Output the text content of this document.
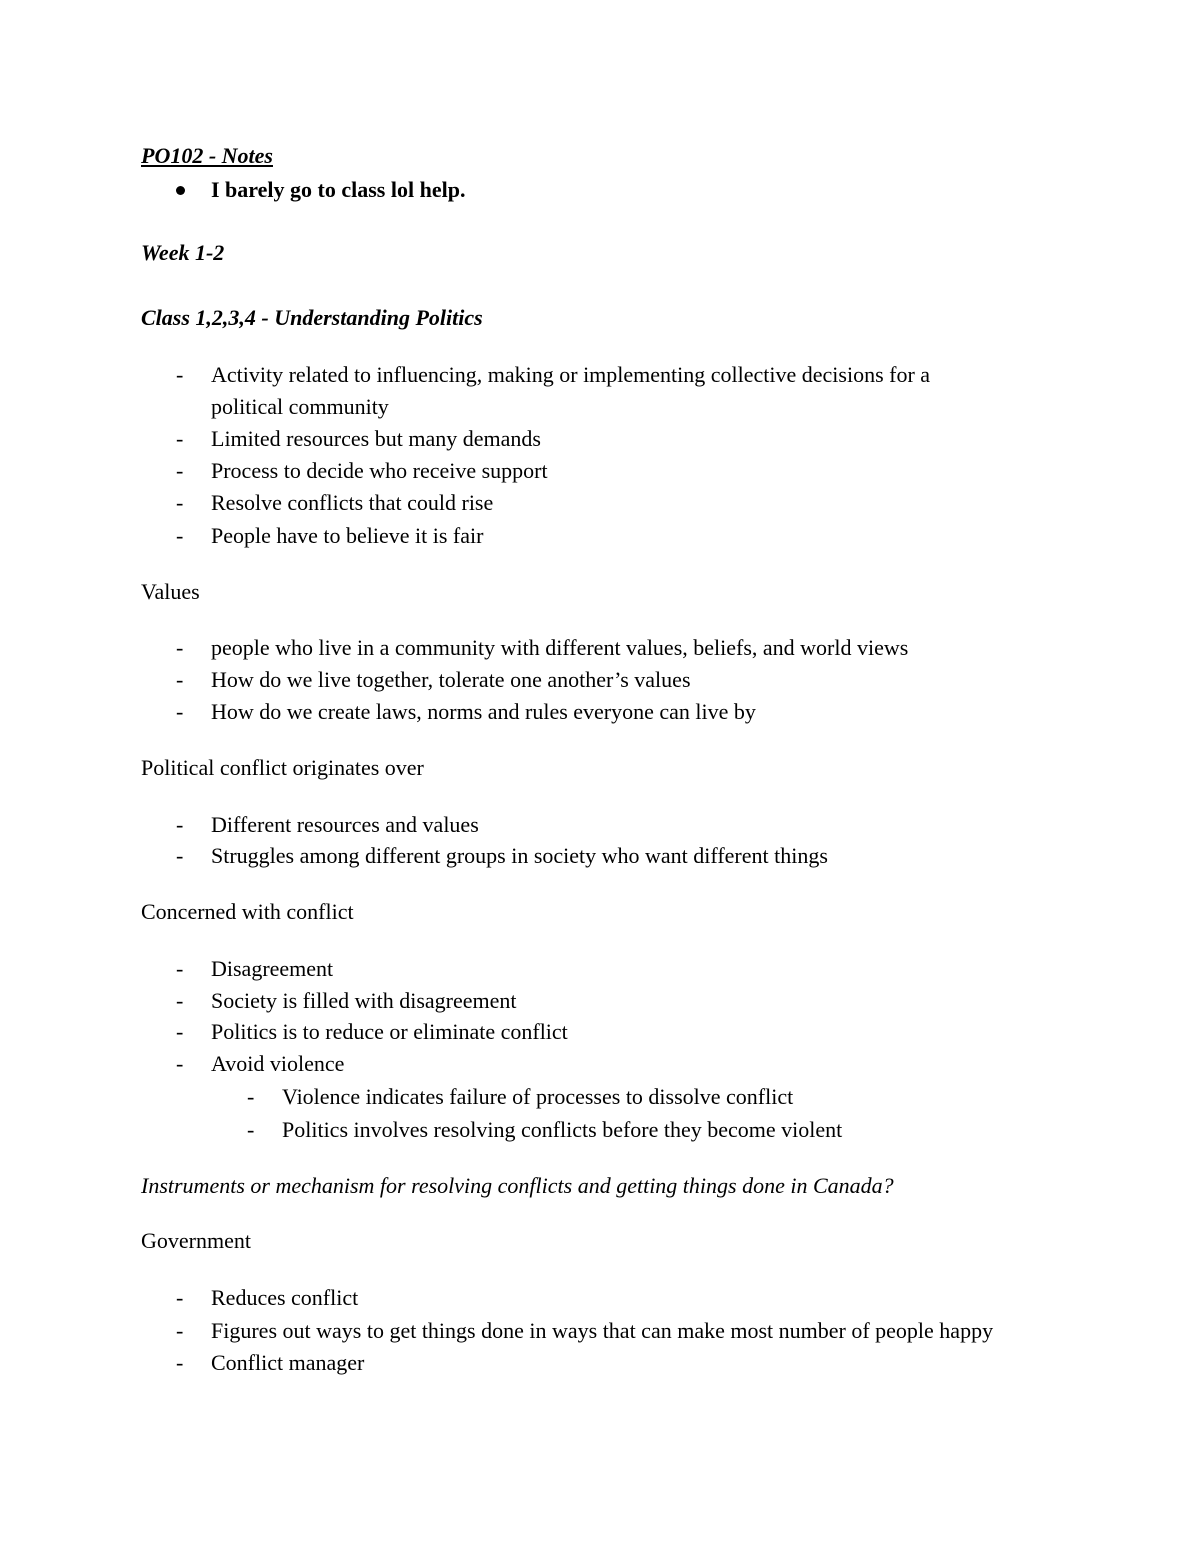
PO102 - Notes
I barely go to class lol help.
Week 1-2
Class 1,2,3,4 - Understanding Politics
- Activity related to influencing, making or implementing collective decisions for a
political community
- Limited resources but many demands
- Process to decide who receive support
- Resolve conflicts that could rise
- People have to believe it is fair
Values
- people who live in a community with different values, beliefs, and world views
- How do we live together, tolerate one another’s values
- How do we create laws, norms and rules everyone can live by
Political conflict originates over
- Different resources and values
- Struggles among different groups in society who want different things
Concerned with conflict
- Disagreement
- Society is filled with disagreement
- Politics is to reduce or eliminate conflict
- Avoid violence
- Violence indicates failure of processes to dissolve conflict
- Politics involves resolving conflicts before they become violent
Instruments or mechanism for resolving conflicts and getting things done in Canada?
Government
- Reduces conflict
- Figures out ways to get things done in ways that can make most number of people happy
- Conflict manager
